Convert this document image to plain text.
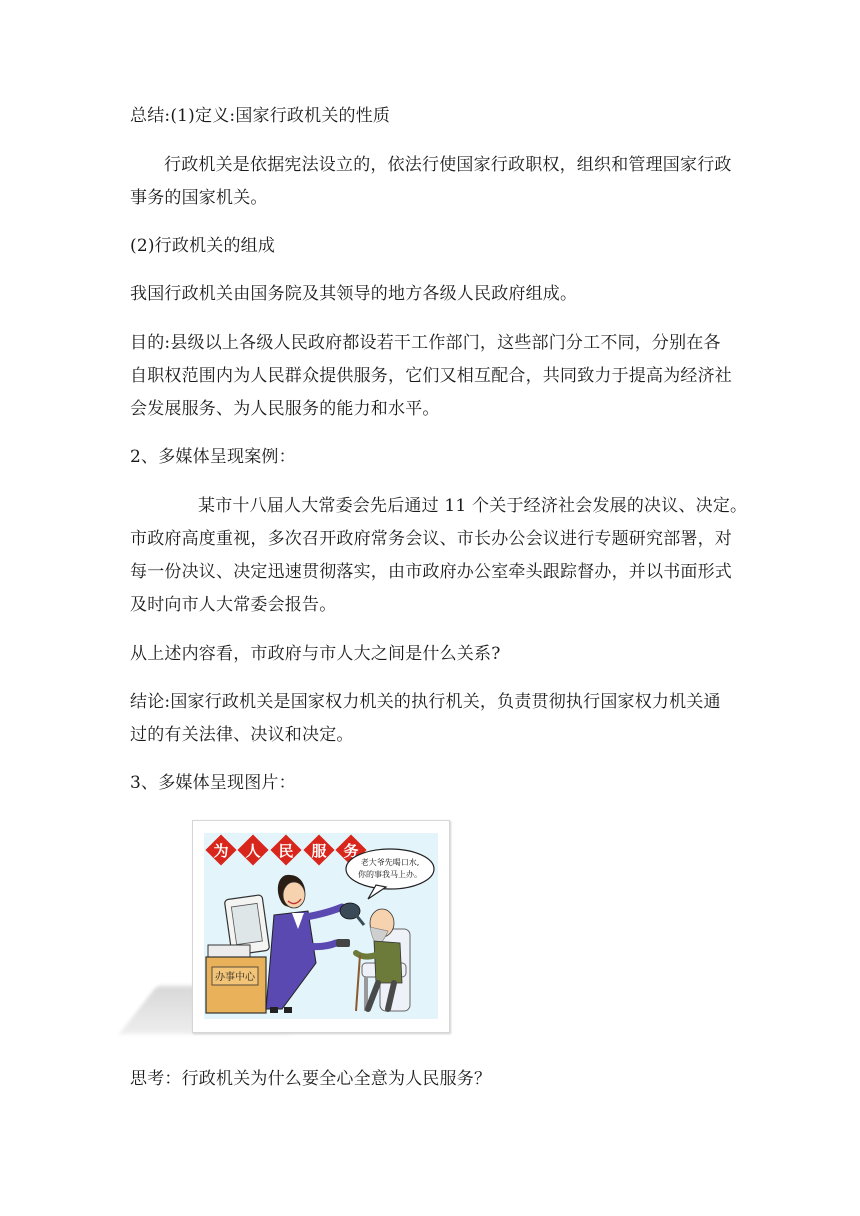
总结:(1)定义:国家行政机关的性质
行政机关是依据宪法设立的，依法行使国家行政职权，组织和管理国家行政
事务的国家机关。
(2)行政机关的组成
我国行政机关由国务院及其领导的地方各级人民政府组成。
目的:县级以上各级人民政府都设若干工作部门，这些部门分工不同，分别在各
自职权范围内为人民群众提供服务，它们又相互配合，共同致力于提高为经济社
会发展服务、为人民服务的能力和水平。
2、多媒体呈现案例：
某市十八届人大常委会先后通过 11 个关于经济社会发展的决议、决定。
市政府高度重视，多次召开政府常务会议、市长办公会议进行专题研究部署，对
每一份决议、决定迅速贯彻落实，由市政府办公室牵头跟踪督办，并以书面形式
及时向市人大常委会报告。
从上述内容看，市政府与市人大之间是什么关系?
结论:国家行政机关是国家权力机关的执行机关，负责贯彻执行国家权力机关通
过的有关法律、决议和决定。
3、多媒体呈现图片：
为 人 民 服 务
老大爷先喝口水,
你的事我马上办。
办事中心
思考：行政机关为什么要全心全意为人民服务？
